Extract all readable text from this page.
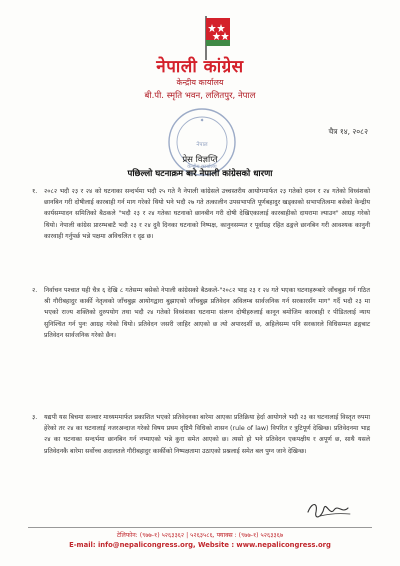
नेपाली कांग्रेस
केन्द्रीय कार्यालय
बी.पी. स्मृति भवन, ललितपुर, नेपाल
✦
नेपाल
केन्द्रीय कार्यालय
चैत्र १४, २०८२
प्रेस विज्ञप्ति
पछिल्लो घटनाक्रम बारे नेपाली कांग्रेसको धारणा
१. २०८२ भदौ २३ र २४ को घटनाका सन्दर्भमा भदौ २५ गते नै नेपाली कांग्रेसले उच्चस्तरीय आयोगमार्फत २३ गतेको दमन र २४ गतेको विध्वंशको छानबिन गरी दोषीलाई कारबाही गर्न माग गरेको थियो भने भदौ २७ गते तत्कालीन उपसभापति पूर्णबहादुर खड्काको सभापतित्वमा बसेको केन्द्रीय कार्यसम्पादन समितिको बैठकले "भदौ २३ र २४ गतेका घटनाको छानबीन गरी दोषी देखिएकालाई कारबाहीको दायरामा ल्याउन" आग्रह गरेको थियो। नेपाली कांग्रेस प्रारम्भबाटै भदौ २३ र २४ दुवै दिनका घटनाको निष्पक्ष, कानुनसम्मत र पूर्वाग्रह रहित ढङ्गले छानबिन गरी आवश्यक कानुनी कारवाही गर्नुपर्छ भन्ने पक्षमा अविचलित र दृढ छ।
२. निर्वाचन पश्चात यही चैत्र ६ देखि ८ गतेसम्म बसेको नेपाली कांग्रेसको बैठकले-"२०८२ भाद्र २३ र २४ गते भएका घटनाहरूबारे जाँचबुझ गर्न गठित श्री गौरीबहादुर कार्की नेतृत्वको जाँचबुझ आयोगद्वारा बुझाएको जाँचबुझ प्रतिवेदन अविलम्ब सार्वजनिक गर्न सरकारसँग माग" गर्दै भदौ २३ मा भएको राज्य शक्तिको दुरुपयोग तथा भदौ २४ गतेको विध्वंशका घटनामा संलग्न दोषीहरुलाई कानून बमोजिम कारबाही र पीडितलाई न्याय सुनिश्चित गर्न पुनः आग्रह गरेको थियो। प्रतिवेदन जसरी जाहिर आएको छ त्यो अपारदर्शी छ, अहिलेसम्म पनि सरकारले विधिसम्मत ढङ्गबाट प्रतिवेदन सार्वजनिक गरेको छैन।
३. यद्यपी यस बिचमा सञ्चार माध्यममार्फत प्रकाशित भएको प्रतिवेदनका बारेमा आएका प्रतिक्रिया हेर्दा आयोगले भदौ २३ का घटनालाई विस्तृत रुपमा हेरेको तर २४ का घटनालाई नजरअन्दाज गरेको विषय प्रथम दृष्टिमै विधिको शासन (rule of law) विपरित र त्रुटिपूर्ण देखिन्छ। प्रतिवेदनमा भाद्र २४ का घटनाका सन्दर्भमा छानबिन गर्न नभ्याएको भन्ने कुरा समेत आएको छ। त्यसो हो भने प्रतिवेदन एकपक्षीय र अपूर्ण छ, साथै यसले प्रतिवेदनकै बारेमा सर्वोच्च अदालतले गौरीबहादुर कार्कीको निष्पक्षतामा उठाएको प्रश्नलाई समेत बल पुग्न जाने देखिन्छ।
टेलिफोन: (९७७-१) ५२६३३६२ | ५२६३५८६, फ्याक्स : (९७७-१) ५२६३३६७
E-mail: info@nepalicongress.org, Website : www.nepalicongress.org
